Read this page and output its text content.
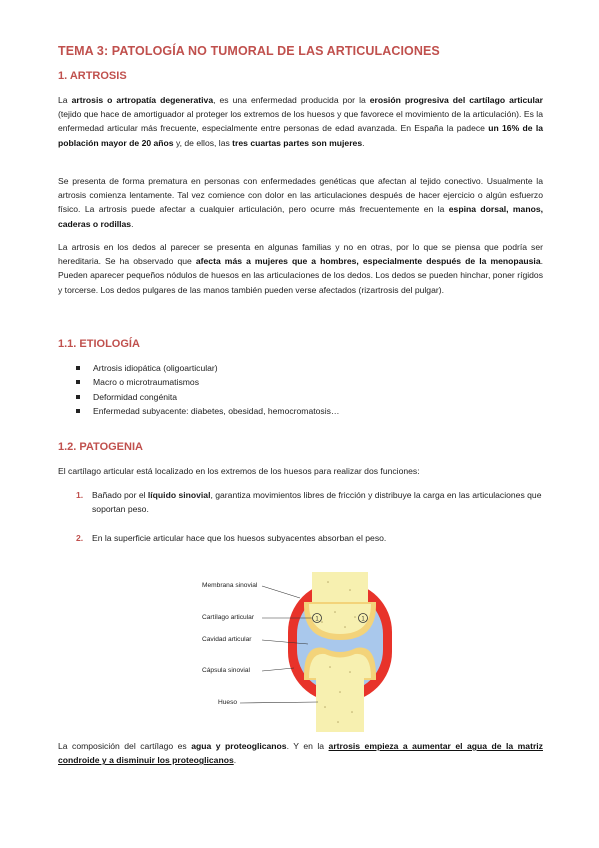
TEMA 3: PATOLOGÍA NO TUMORAL DE LAS ARTICULACIONES
1. ARTROSIS

La artrosis o artropatía degenerativa, es una enfermedad producida por la erosión progresiva del cartílago articular (tejido que hace de amortiguador al proteger los extremos de los huesos y que favorece el movimiento de la articulación). Es la enfermedad articular más frecuente, especialmente entre personas de edad avanzada. En España la padece un 16% de la población mayor de 20 años y, de ellos, las tres cuartas partes son mujeres.

Se presenta de forma prematura en personas con enfermedades genéticas que afectan al tejido conectivo. Usualmente la artrosis comienza lentamente. Tal vez comience con dolor en las articulaciones después de hacer ejercicio o algún esfuerzo físico. La artrosis puede afectar a cualquier articulación, pero ocurre más frecuentemente en la espina dorsal, manos, caderas o rodillas.

La artrosis en los dedos al parecer se presenta en algunas familias y no en otras, por lo que se piensa que podría ser hereditaria. Se ha observado que afecta más a mujeres que a hombres, especialmente después de la menopausia. Pueden aparecer pequeños nódulos de huesos en las articulaciones de los dedos. Los dedos se pueden hinchar, poner rígidos y torcerse. Los dedos pulgares de las manos también pueden verse afectados (rizartrosis del pulgar).

1.1. ETIOLOGÍA
Artrosis idiopática (oligoarticular)
Macro o microtraumatismos
Deformidad congénita
Enfermedad subyacente: diabetes, obesidad, hemocromatosis…
1.2. PATOGENIA

El cartílago articular está localizado en los extremos de los huesos para realizar dos funciones:

1.	Bañado por el líquido sinovial, garantiza movimientos libres de fricción y distribuye la carga en las articulaciones que soportan peso.
2.	En la superficie articular hace que los huesos subyacentes absorban el peso.
1	1
Membrana sinovial
Cartílago articular
Cavidad articular
Cápsula sinovial
Hueso

La composición del cartílago es agua y proteoglicanos. Y en la artrosis empieza a aumentar el agua de la matriz condroide y a disminuir los proteoglicanos.
